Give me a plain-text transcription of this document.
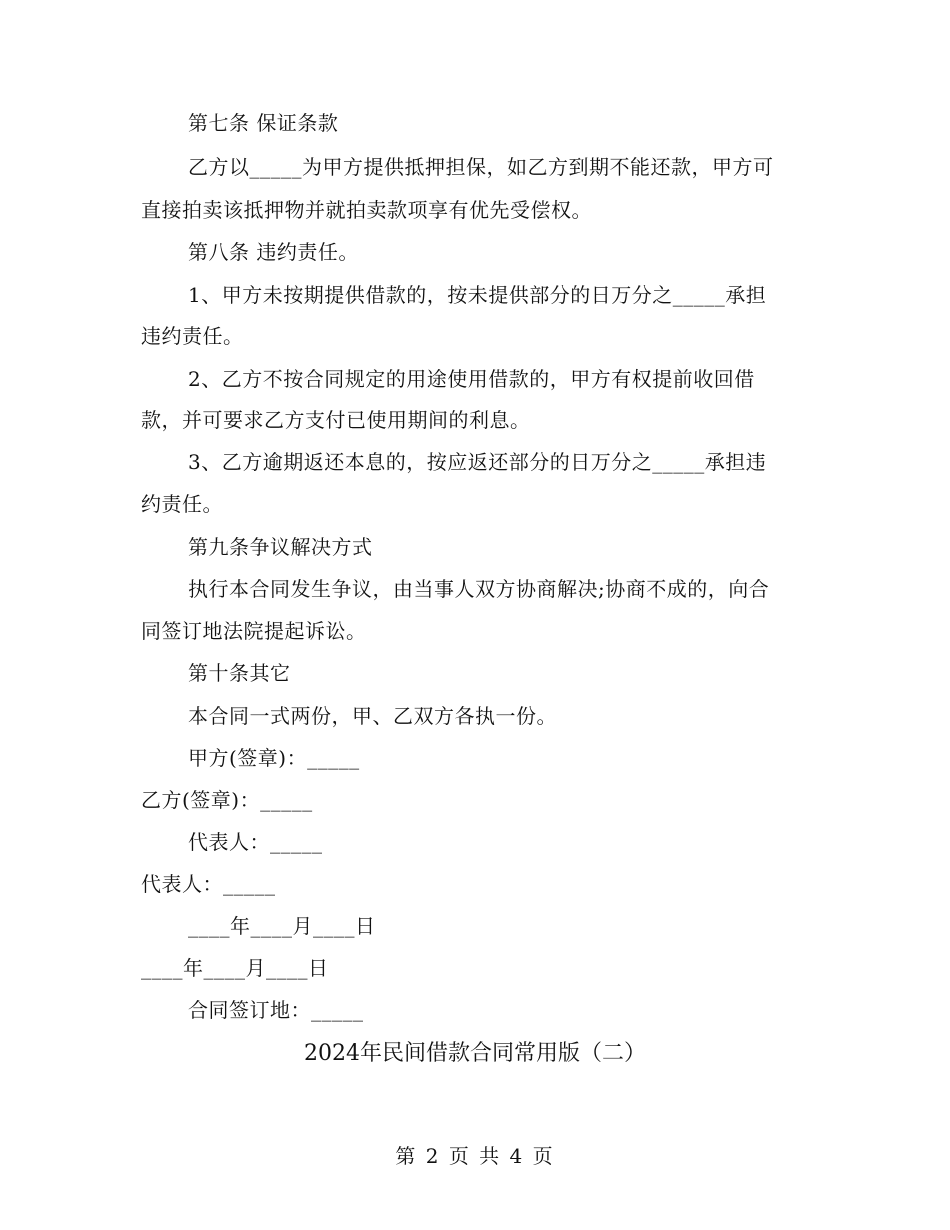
第七条 保证条款
乙方以_____为甲方提供抵押担保，如乙方到期不能还款，甲方可
直接拍卖该抵押物并就拍卖款项享有优先受偿权。
第八条 违约责任。
1、甲方未按期提供借款的，按未提供部分的日万分之_____承担
违约责任。
2、乙方不按合同规定的用途使用借款的，甲方有权提前收回借
款，并可要求乙方支付已使用期间的利息。
3、乙方逾期返还本息的，按应返还部分的日万分之_____承担违
约责任。
第九条争议解决方式
执行本合同发生争议，由当事人双方协商解决;协商不成的，向合
同签订地法院提起诉讼。
第十条其它
本合同一式两份，甲、乙双方各执一份。
甲方(签章)：_____
乙方(签章)：_____
代表人：_____
代表人：_____
____年____月____日
____年____月____日
合同签订地：_____
2024年民间借款合同常用版（二）
第 2 页 共 4 页
